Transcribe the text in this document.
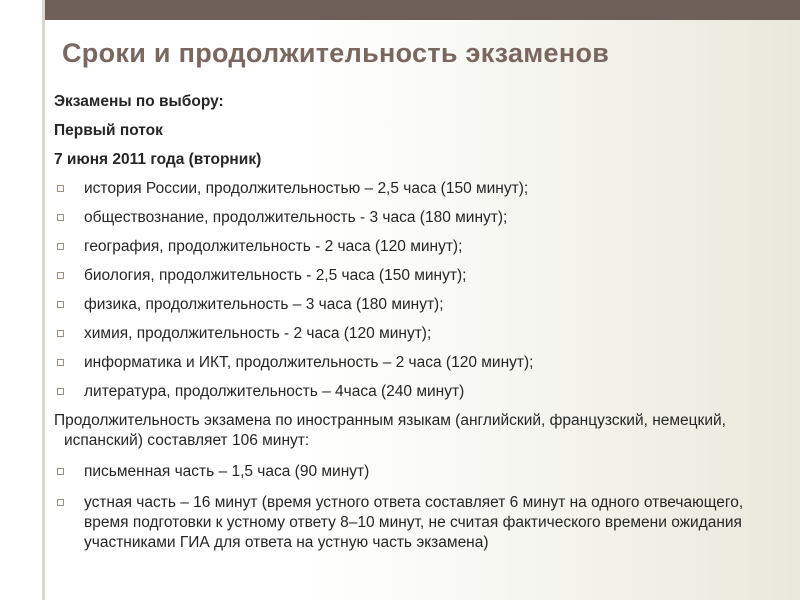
Сроки и продолжительность экзаменов
Экзамены по выбору:
Первый поток
7 июня 2011 года (вторник)
история России, продолжительностью – 2,5 часа (150 минут);
обществознание, продолжительность - 3 часа (180 минут);
география, продолжительность - 2 часа (120 минут);
биология, продолжительность - 2,5 часа (150 минут);
физика, продолжительность – 3 часа (180 минут);
химия, продолжительность - 2 часа (120 минут);
информатика и ИКТ, продолжительность – 2 часа (120 минут);
литература, продолжительность – 4часа (240 минут)
Продолжительность экзамена по иностранным языкам (английский, французский, немецкий, испанский) составляет 106 минут:
письменная часть – 1,5 часа (90 минут)
устная часть – 16 минут (время устного ответа составляет 6 минут на одного отвечающего, время подготовки к устному ответу 8–10 минут, не считая фактического времени ожидания участниками ГИА для ответа на устную часть экзамена)
